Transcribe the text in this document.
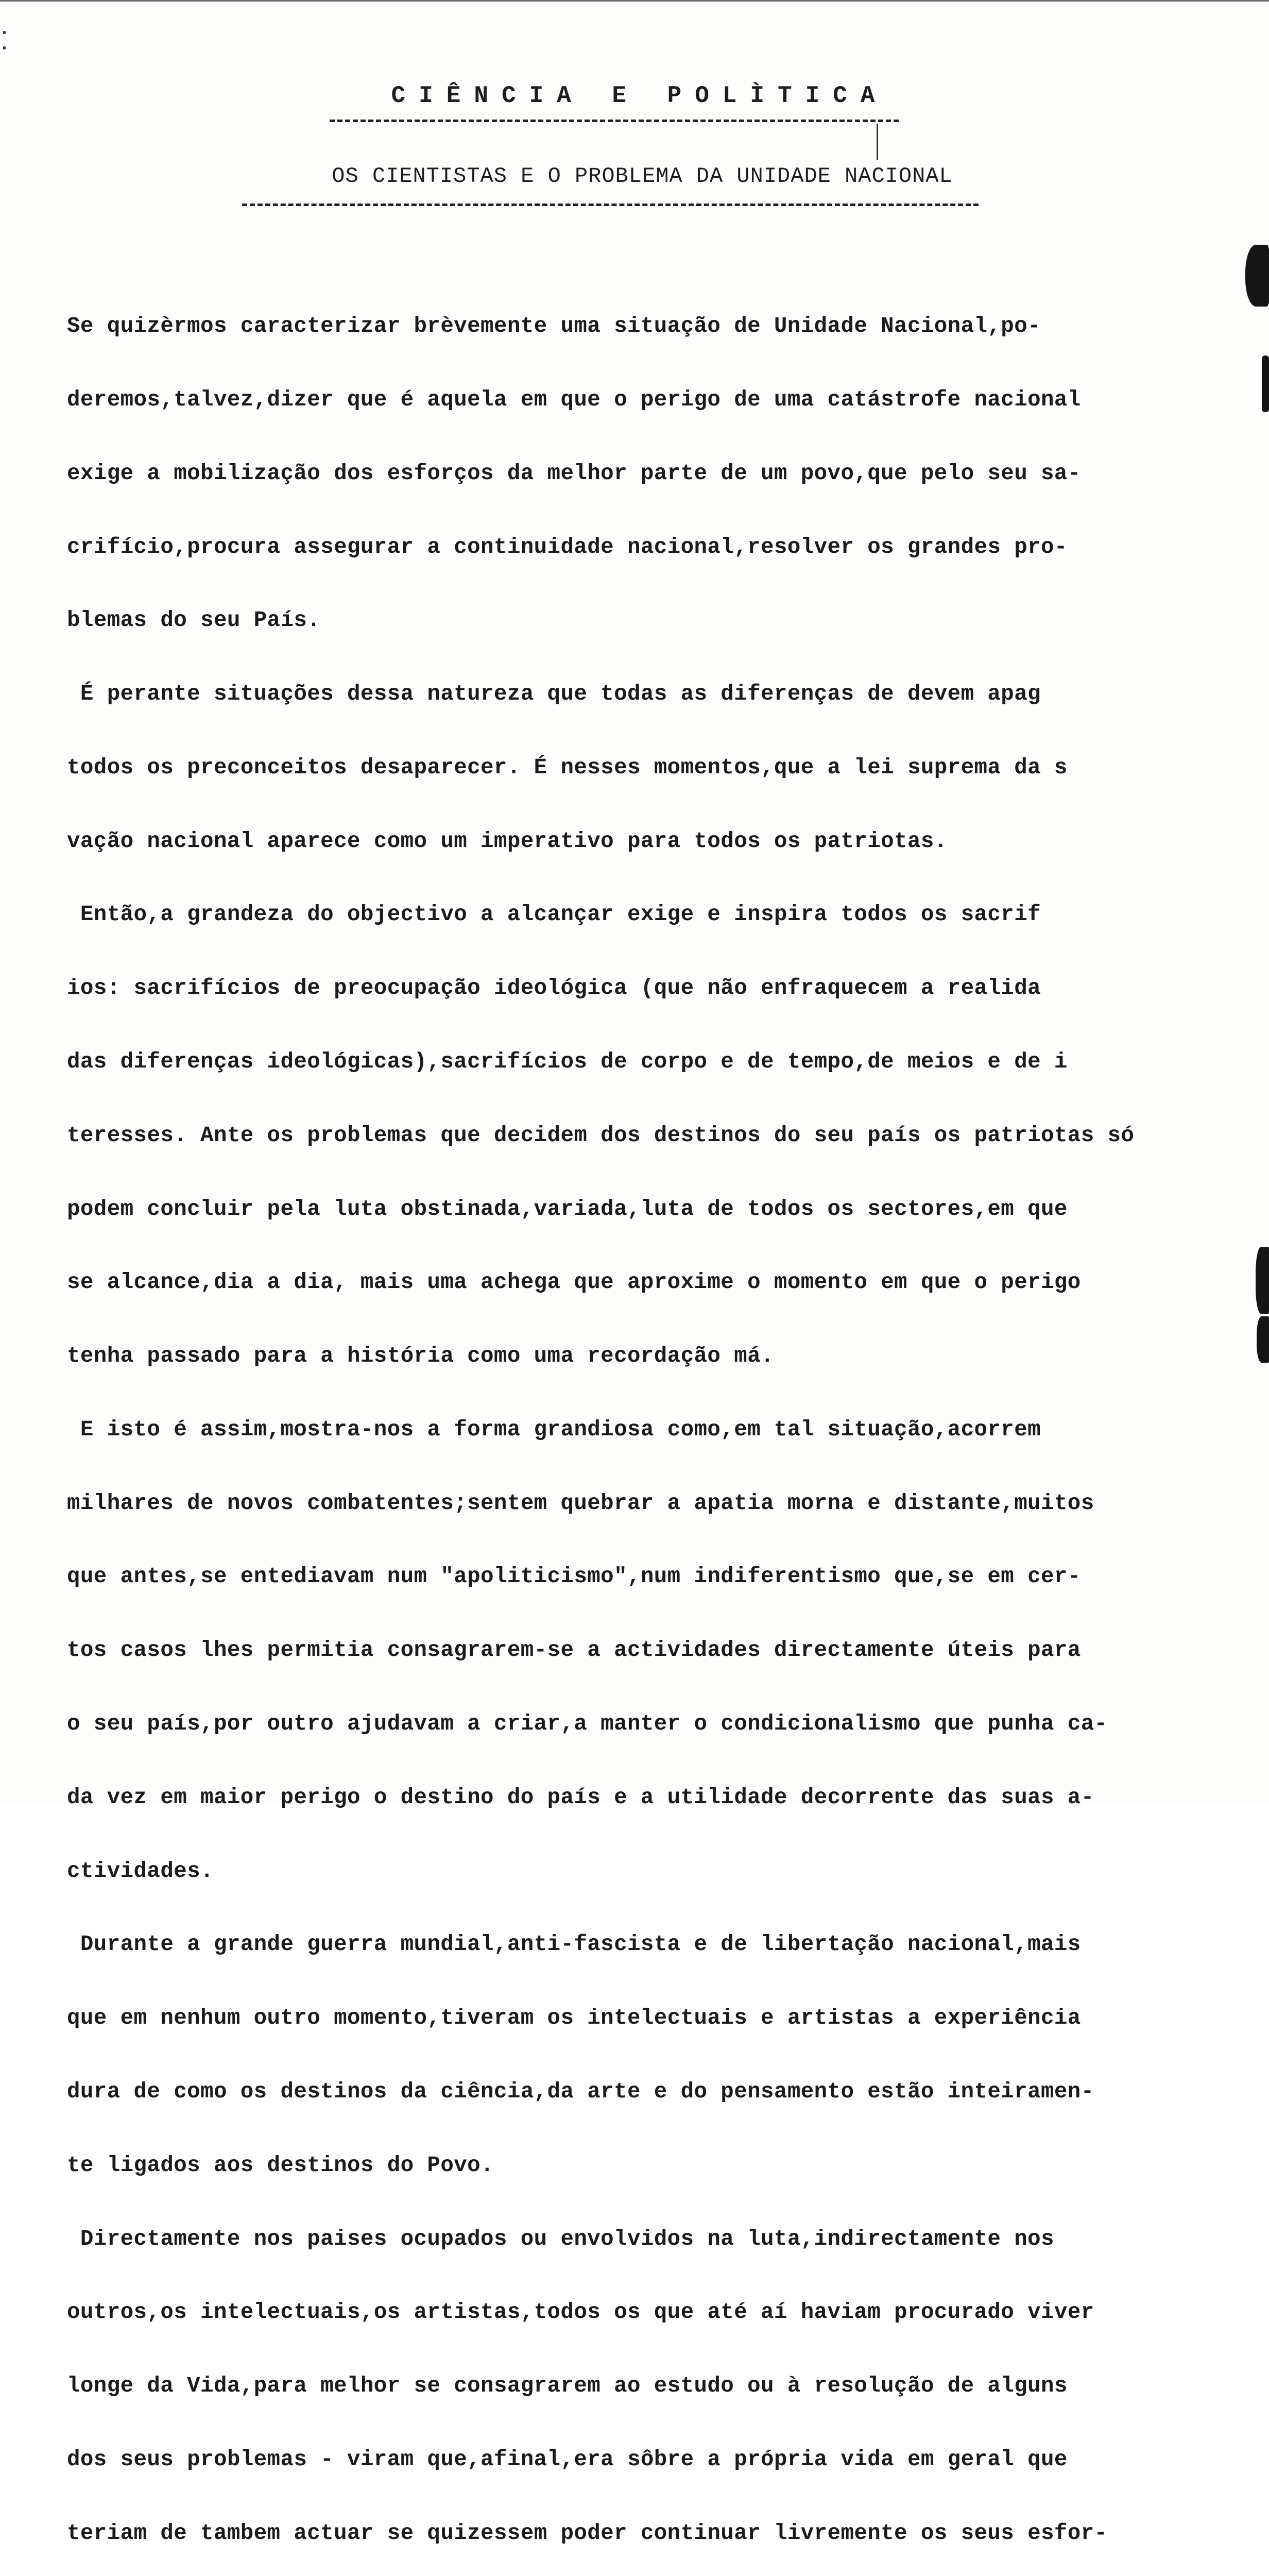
CIÊNCIA E POLÌTICA
OS CIENTISTAS E O PROBLEMA DA UNIDADE NACIONAL

Se quizèrmos caracterizar brèvemente uma situação de Unidade Nacional,po-

deremos,talvez,dizer que é aquela em que o perigo de uma catástrofe nacional

exige a mobilização dos esforços da melhor parte de um povo,que pelo seu sa-

crifício,procura assegurar a continuidade nacional,resolver os grandes pro-

blemas do seu País.

É perante situações dessa natureza que todas as diferenças de devem apag

todos os preconceitos desaparecer. É nesses momentos,que a lei suprema da s

vação nacional aparece como um imperativo para todos os patriotas.

Então,a grandeza do objectivo a alcançar exige e inspira todos os sacrif

ios: sacrifícios de preocupação ideológica (que não enfraquecem a realida

das diferenças ideológicas),sacrifícios de corpo e de tempo,de meios e de i

teresses. Ante os problemas que decidem dos destinos do seu país os patriotas só

podem concluir pela luta obstinada,variada,luta de todos os sectores,em que

se alcance,dia a dia, mais uma achega que aproxime o momento em que o perigo

tenha passado para a história como uma recordação má.

E isto é assim,mostra-nos a forma grandiosa como,em tal situação,acorrem

milhares de novos combatentes;sentem quebrar a apatia morna e distante,muitos

que antes,se entediavam num "apoliticismo",num indiferentismo que,se em cer-

tos casos lhes permitia consagrarem-se a actividades directamente úteis para

o seu país,por outro ajudavam a criar,a manter o condicionalismo que punha ca-

da vez em maior perigo o destino do país e a utilidade decorrente das suas a-

ctividades.

Durante a grande guerra mundial,anti-fascista e de libertação nacional,mais

que em nenhum outro momento,tiveram os intelectuais e artistas a experiência

dura de como os destinos da ciência,da arte e do pensamento estão inteiramen-

te ligados aos destinos do Povo.

Directamente nos paises ocupados ou envolvidos na luta,indirectamente nos

outros,os intelectuais,os artistas,todos os que até aí haviam procurado viver

longe da Vida,para melhor se consagrarem ao estudo ou à resolução de alguns

dos seus problemas - viram que,afinal,era sôbre a própria vida em geral que

teriam de tambem actuar se quizessem poder continuar livremente os seus esfor-
